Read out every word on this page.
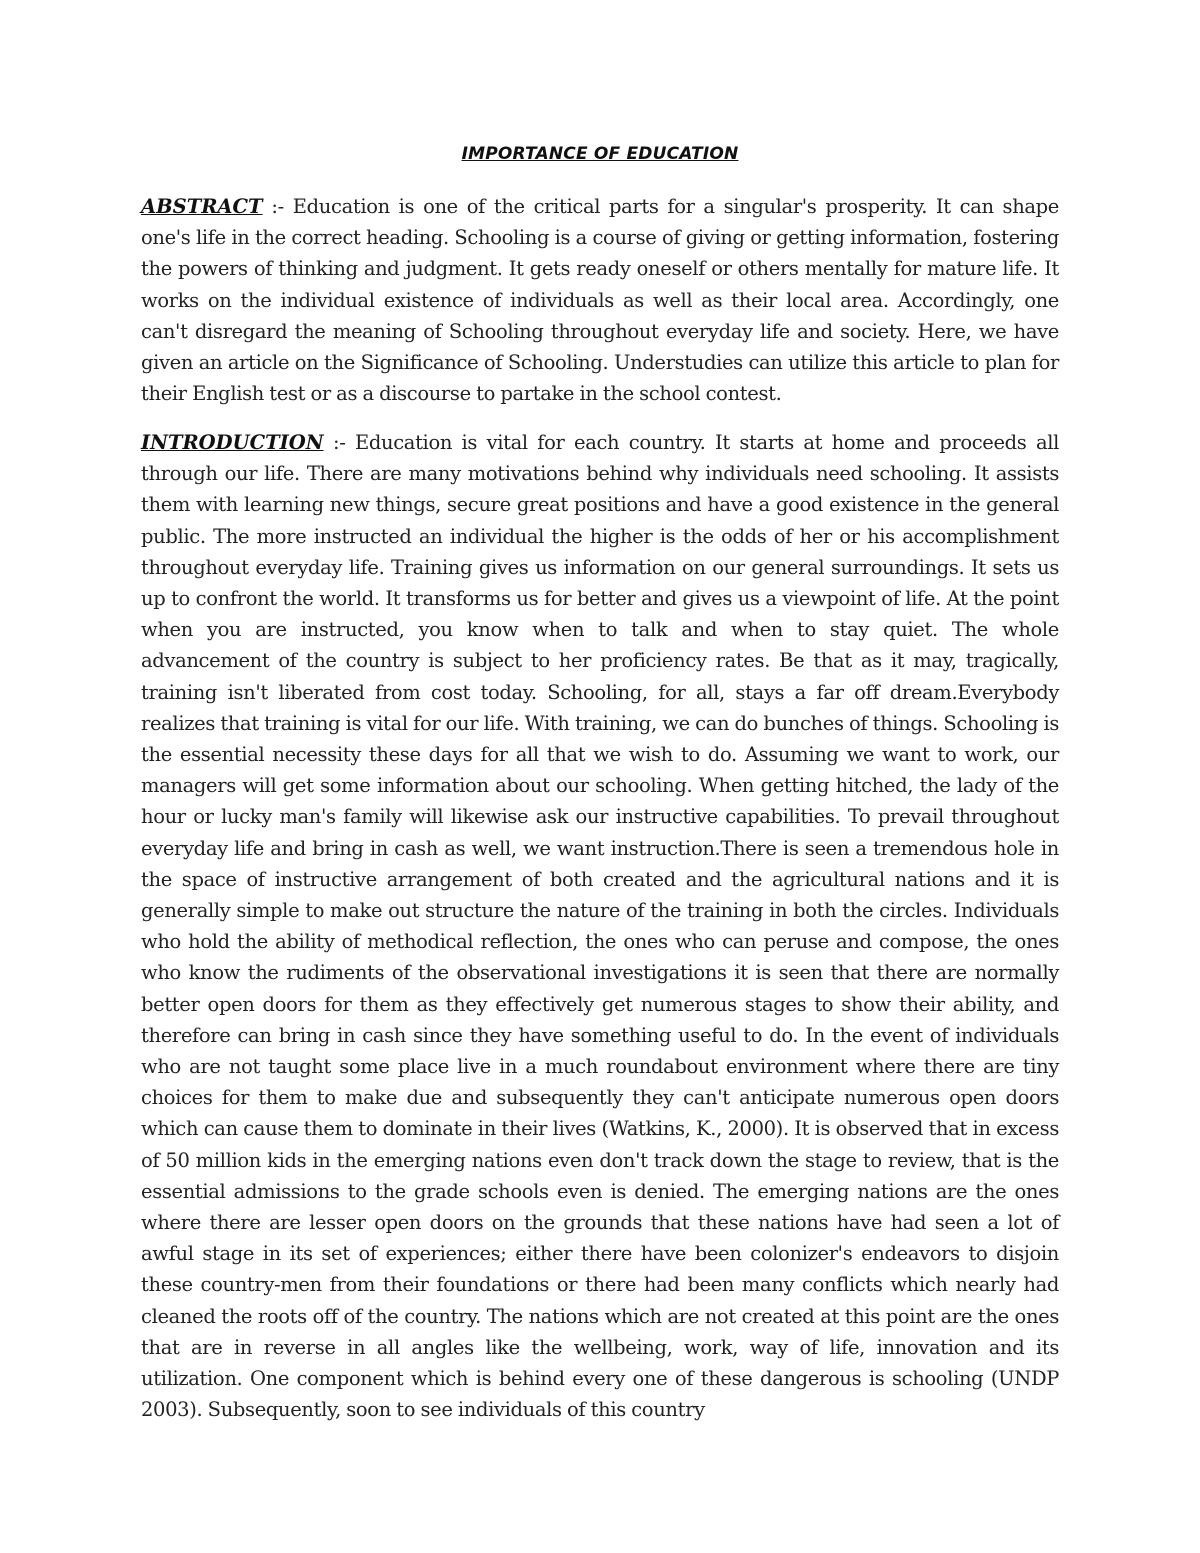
IMPORTANCE OF EDUCATION

ABSTRACT :- Education is one of the critical parts for a singular's prosperity. It can shape one's life in the correct heading. Schooling is a course of giving or getting information, fostering the powers of thinking and judgment. It gets ready oneself or others mentally for mature life. It works on the individual existence of individuals as well as their local area. Accordingly, one can't disregard the meaning of Schooling throughout everyday life and society. Here, we have given an article on the Significance of Schooling. Understudies can utilize this article to plan for their English test or as a discourse to partake in the school contest.

INTRODUCTION :- Education is vital for each country. It starts at home and proceeds all through our life. There are many motivations behind why individuals need schooling. It assists them with learning new things, secure great positions and have a good existence in the general public. The more instructed an individual the higher is the odds of her or his accomplishment throughout everyday life. Training gives us information on our general surroundings. It sets us up to confront the world. It transforms us for better and gives us a viewpoint of life. At the point when you are instructed, you know when to talk and when to stay quiet. The whole advancement of the country is subject to her proficiency rates. Be that as it may, tragically, training isn't liberated from cost today. Schooling, for all, stays a far off dream.Everybody realizes that training is vital for our life. With training, we can do bunches of things. Schooling is the essential necessity these days for all that we wish to do. Assuming we want to work, our managers will get some information about our schooling. When getting hitched, the lady of the hour or lucky man's family will likewise ask our instructive capabilities. To prevail throughout everyday life and bring in cash as well, we want instruction.There is seen a tremendous hole in the space of instructive arrangement of both created and the agricultural nations and it is generally simple to make out structure the nature of the training in both the circles. Individuals who hold the ability of methodical reflection, the ones who can peruse and compose, the ones who know the rudiments of the observational investigations it is seen that there are normally better open doors for them as they effectively get numerous stages to show their ability, and therefore can bring in cash since they have something useful to do. In the event of individuals who are not taught some place live in a much roundabout environment where there are tiny choices for them to make due and subsequently they can't anticipate numerous open doors which can cause them to dominate in their lives (Watkins, K., 2000). It is observed that in excess of 50 million kids in the emerging nations even don't track down the stage to review, that is the essential admissions to the grade schools even is denied. The emerging nations are the ones where there are lesser open doors on the grounds that these nations have had seen a lot of awful stage in its set of experiences; either there have been colonizer's endeavors to disjoin these country-men from their foundations or there had been many conflicts which nearly had cleaned the roots off of the country. The nations which are not created at this point are the ones that are in reverse in all angles like the wellbeing, work, way of life, innovation and its utilization. One component which is behind every one of these dangerous is schooling (UNDP 2003). Subsequently, soon to see individuals of this country
